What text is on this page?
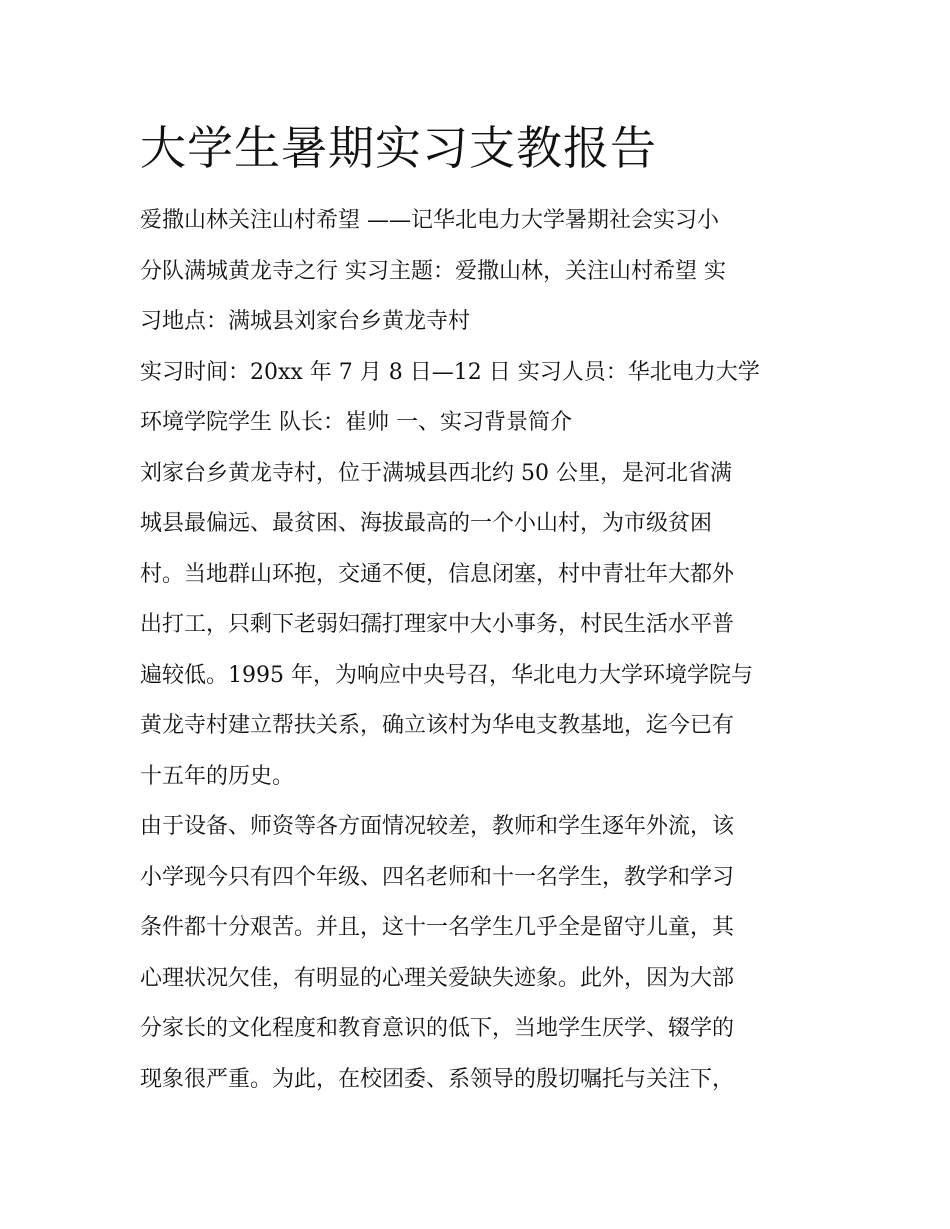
大学生暑期实习支教报告

爱撒山林关注山村希望 ——记华北电力大学暑期社会实习小
分队满城黄龙寺之行 实习主题：爱撒山林，关注山村希望 实
习地点：满城县刘家台乡黄龙寺村

实习时间：20xx 年 7 月 8 日—12 日 实习人员：华北电力大学
环境学院学生 队长：崔帅 一、实习背景简介

刘家台乡黄龙寺村，位于满城县西北约 50 公里，是河北省满
城县最偏远、最贫困、海拔最高的一个小山村，为市级贫困
村。当地群山环抱，交通不便，信息闭塞，村中青壮年大都外
出打工，只剩下老弱妇孺打理家中大小事务，村民生活水平普
遍较低。1995 年，为响应中央号召，华北电力大学环境学院与
黄龙寺村建立帮扶关系，确立该村为华电支教基地，迄今已有
十五年的历史。

由于设备、师资等各方面情况较差，教师和学生逐年外流，该
小学现今只有四个年级、四名老师和十一名学生，教学和学习
条件都十分艰苦。并且，这十一名学生几乎全是留守儿童，其
心理状况欠佳，有明显的心理关爱缺失迹象。此外，因为大部
分家长的文化程度和教育意识的低下，当地学生厌学、辍学的
现象很严重。为此，在校团委、系领导的殷切嘱托与关注下，
